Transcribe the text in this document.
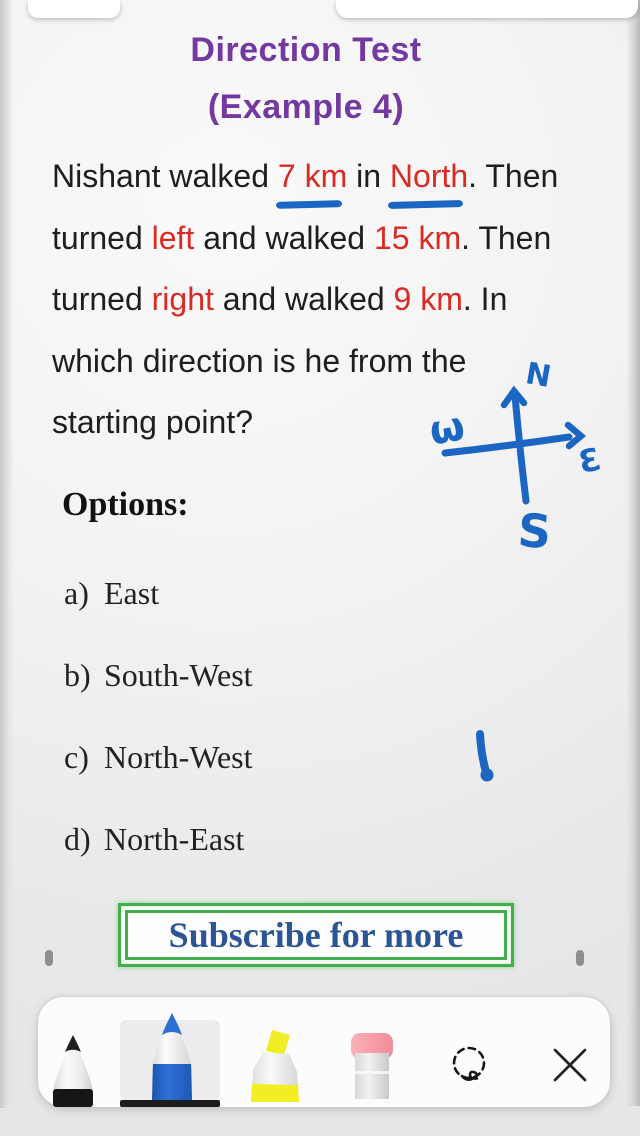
Direction Test
(Example 4)
Nishant walked 7 km in North. Then
turned left and walked 15 km. Then
turned right and walked 9 km. In
which direction is he from the
starting point?
N
ω
Ɛ
S
Options:
a) East
b) South-West
c) North-West
d) North-East
Subscribe for more
